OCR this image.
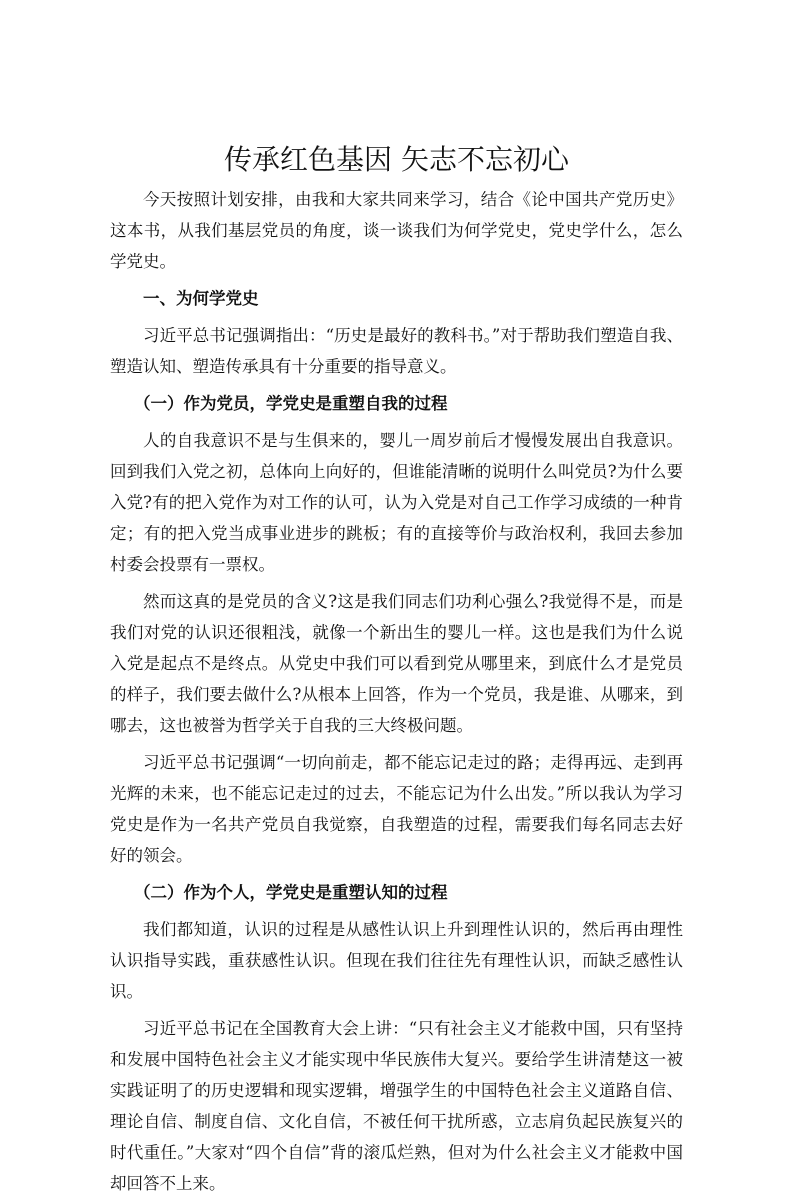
传承红色基因 矢志不忘初心

今天按照计划安排，由我和大家共同来学习，结合《论中国共产党历史》这本书，从我们基层党员的角度，谈一谈我们为何学党史，党史学什么，怎么学党史。

一、为何学党史

习近平总书记强调指出：“历史是最好的教科书。”对于帮助我们塑造自我、塑造认知、塑造传承具有十分重要的指导意义。

（一）作为党员，学党史是重塑自我的过程

人的自我意识不是与生俱来的，婴儿一周岁前后才慢慢发展出自我意识。回到我们入党之初，总体向上向好的，但谁能清晰的说明什么叫党员?为什么要入党?有的把入党作为对工作的认可，认为入党是对自己工作学习成绩的一种肯定；有的把入党当成事业进步的跳板；有的直接等价与政治权利，我回去参加村委会投票有一票权。

然而这真的是党员的含义?这是我们同志们功利心强么?我觉得不是，而是我们对党的认识还很粗浅，就像一个新出生的婴儿一样。这也是我们为什么说入党是起点不是终点。从党史中我们可以看到党从哪里来，到底什么才是党员的样子，我们要去做什么?从根本上回答，作为一个党员，我是谁、从哪来，到哪去，这也被誉为哲学关于自我的三大终极问题。

习近平总书记强调“一切向前走，都不能忘记走过的路；走得再远、走到再光辉的未来，也不能忘记走过的过去，不能忘记为什么出发。”所以我认为学习党史是作为一名共产党员自我觉察，自我塑造的过程，需要我们每名同志去好好的领会。

（二）作为个人，学党史是重塑认知的过程

我们都知道，认识的过程是从感性认识上升到理性认识的，然后再由理性认识指导实践，重获感性认识。但现在我们往往先有理性认识，而缺乏感性认识。

习近平总书记在全国教育大会上讲：“只有社会主义才能救中国，只有坚持和发展中国特色社会主义才能实现中华民族伟大复兴。要给学生讲清楚这一被实践证明了的历史逻辑和现实逻辑，增强学生的中国特色社会主义道路自信、理论自信、制度自信、文化自信，不被任何干扰所惑，立志肩负起民族复兴的时代重任。”大家对“四个自信”背的滚瓜烂熟，但对为什么社会主义才能救中国却回答不上来。
